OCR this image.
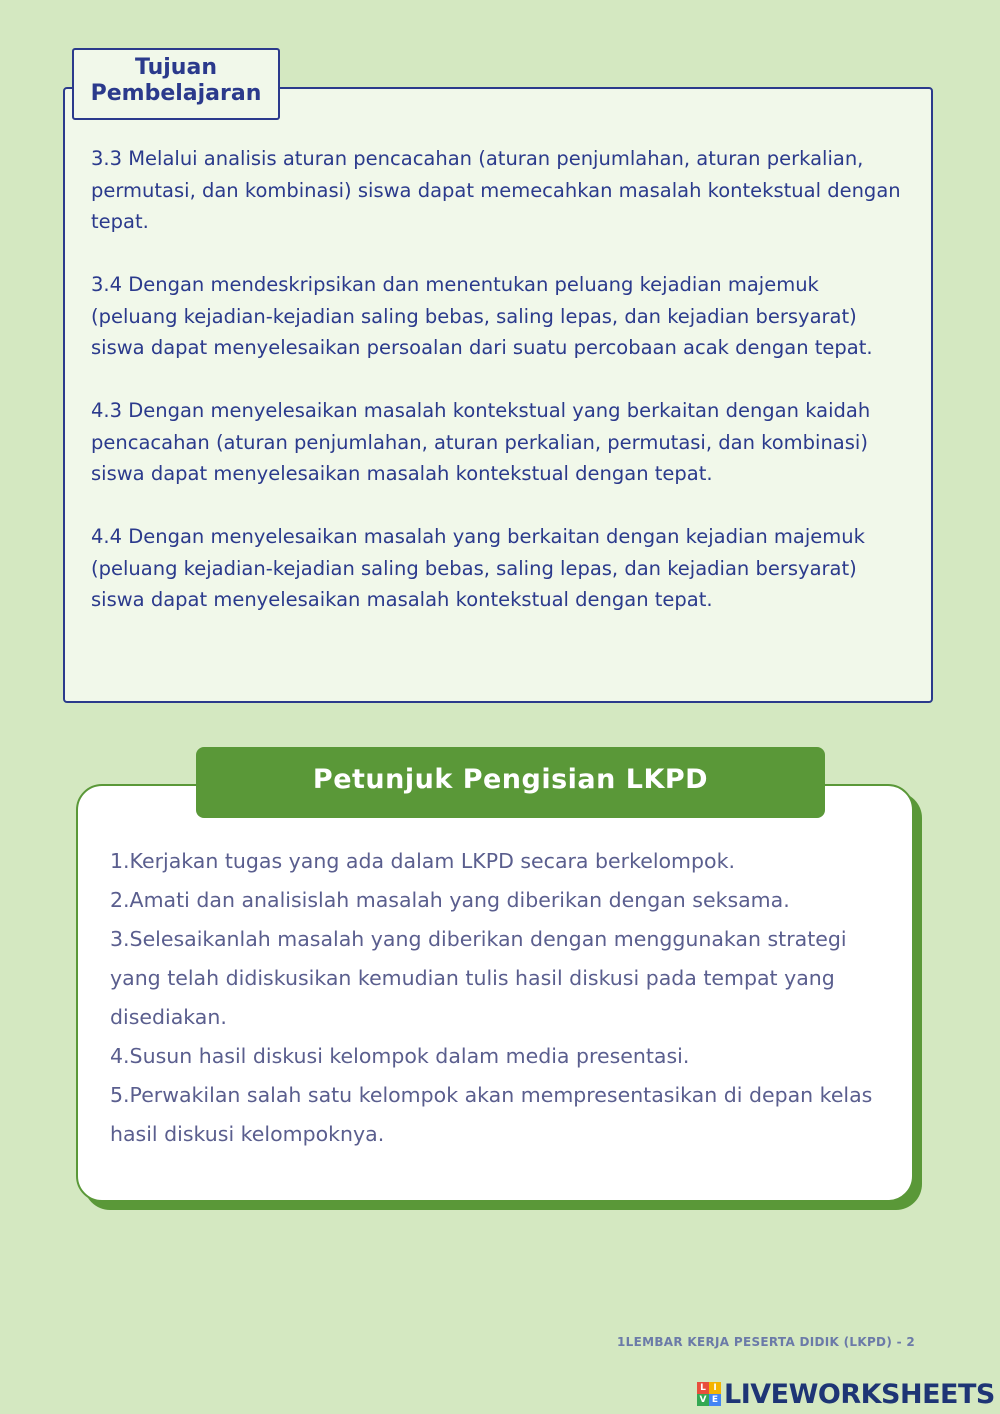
Tujuan
Pembelajaran

3.3 Melalui analisis aturan pencacahan (aturan penjumlahan, aturan perkalian, permutasi, dan kombinasi) siswa dapat memecahkan masalah kontekstual dengan tepat.

3.4 Dengan mendeskripsikan dan menentukan peluang kejadian majemuk (peluang kejadian-kejadian saling bebas, saling lepas, dan kejadian bersyarat) siswa dapat menyelesaikan persoalan dari suatu percobaan acak dengan tepat.

4.3 Dengan menyelesaikan masalah kontekstual yang berkaitan dengan kaidah pencacahan (aturan penjumlahan, aturan perkalian, permutasi, dan kombinasi) siswa dapat menyelesaikan masalah kontekstual dengan tepat.

4.4 Dengan menyelesaikan masalah yang berkaitan dengan kejadian majemuk (peluang kejadian-kejadian saling bebas, saling lepas, dan kejadian bersyarat) siswa dapat menyelesaikan masalah kontekstual dengan tepat.

Petunjuk Pengisian LKPD
1.Kerjakan tugas yang ada dalam LKPD secara berkelompok.
2.Amati dan analisislah masalah yang diberikan dengan seksama.
3.Selesaikanlah masalah yang diberikan dengan menggunakan strategi yang telah didiskusikan kemudian tulis hasil diskusi pada tempat yang disediakan.
4.Susun hasil diskusi kelompok dalam media presentasi.
5.Perwakilan salah satu kelompok akan mempresentasikan di depan kelas hasil diskusi kelompoknya.
1LEMBAR KERJA PESERTA DIDIK (LKPD) - 2
L I
V E LIVEWORKSHEETS
